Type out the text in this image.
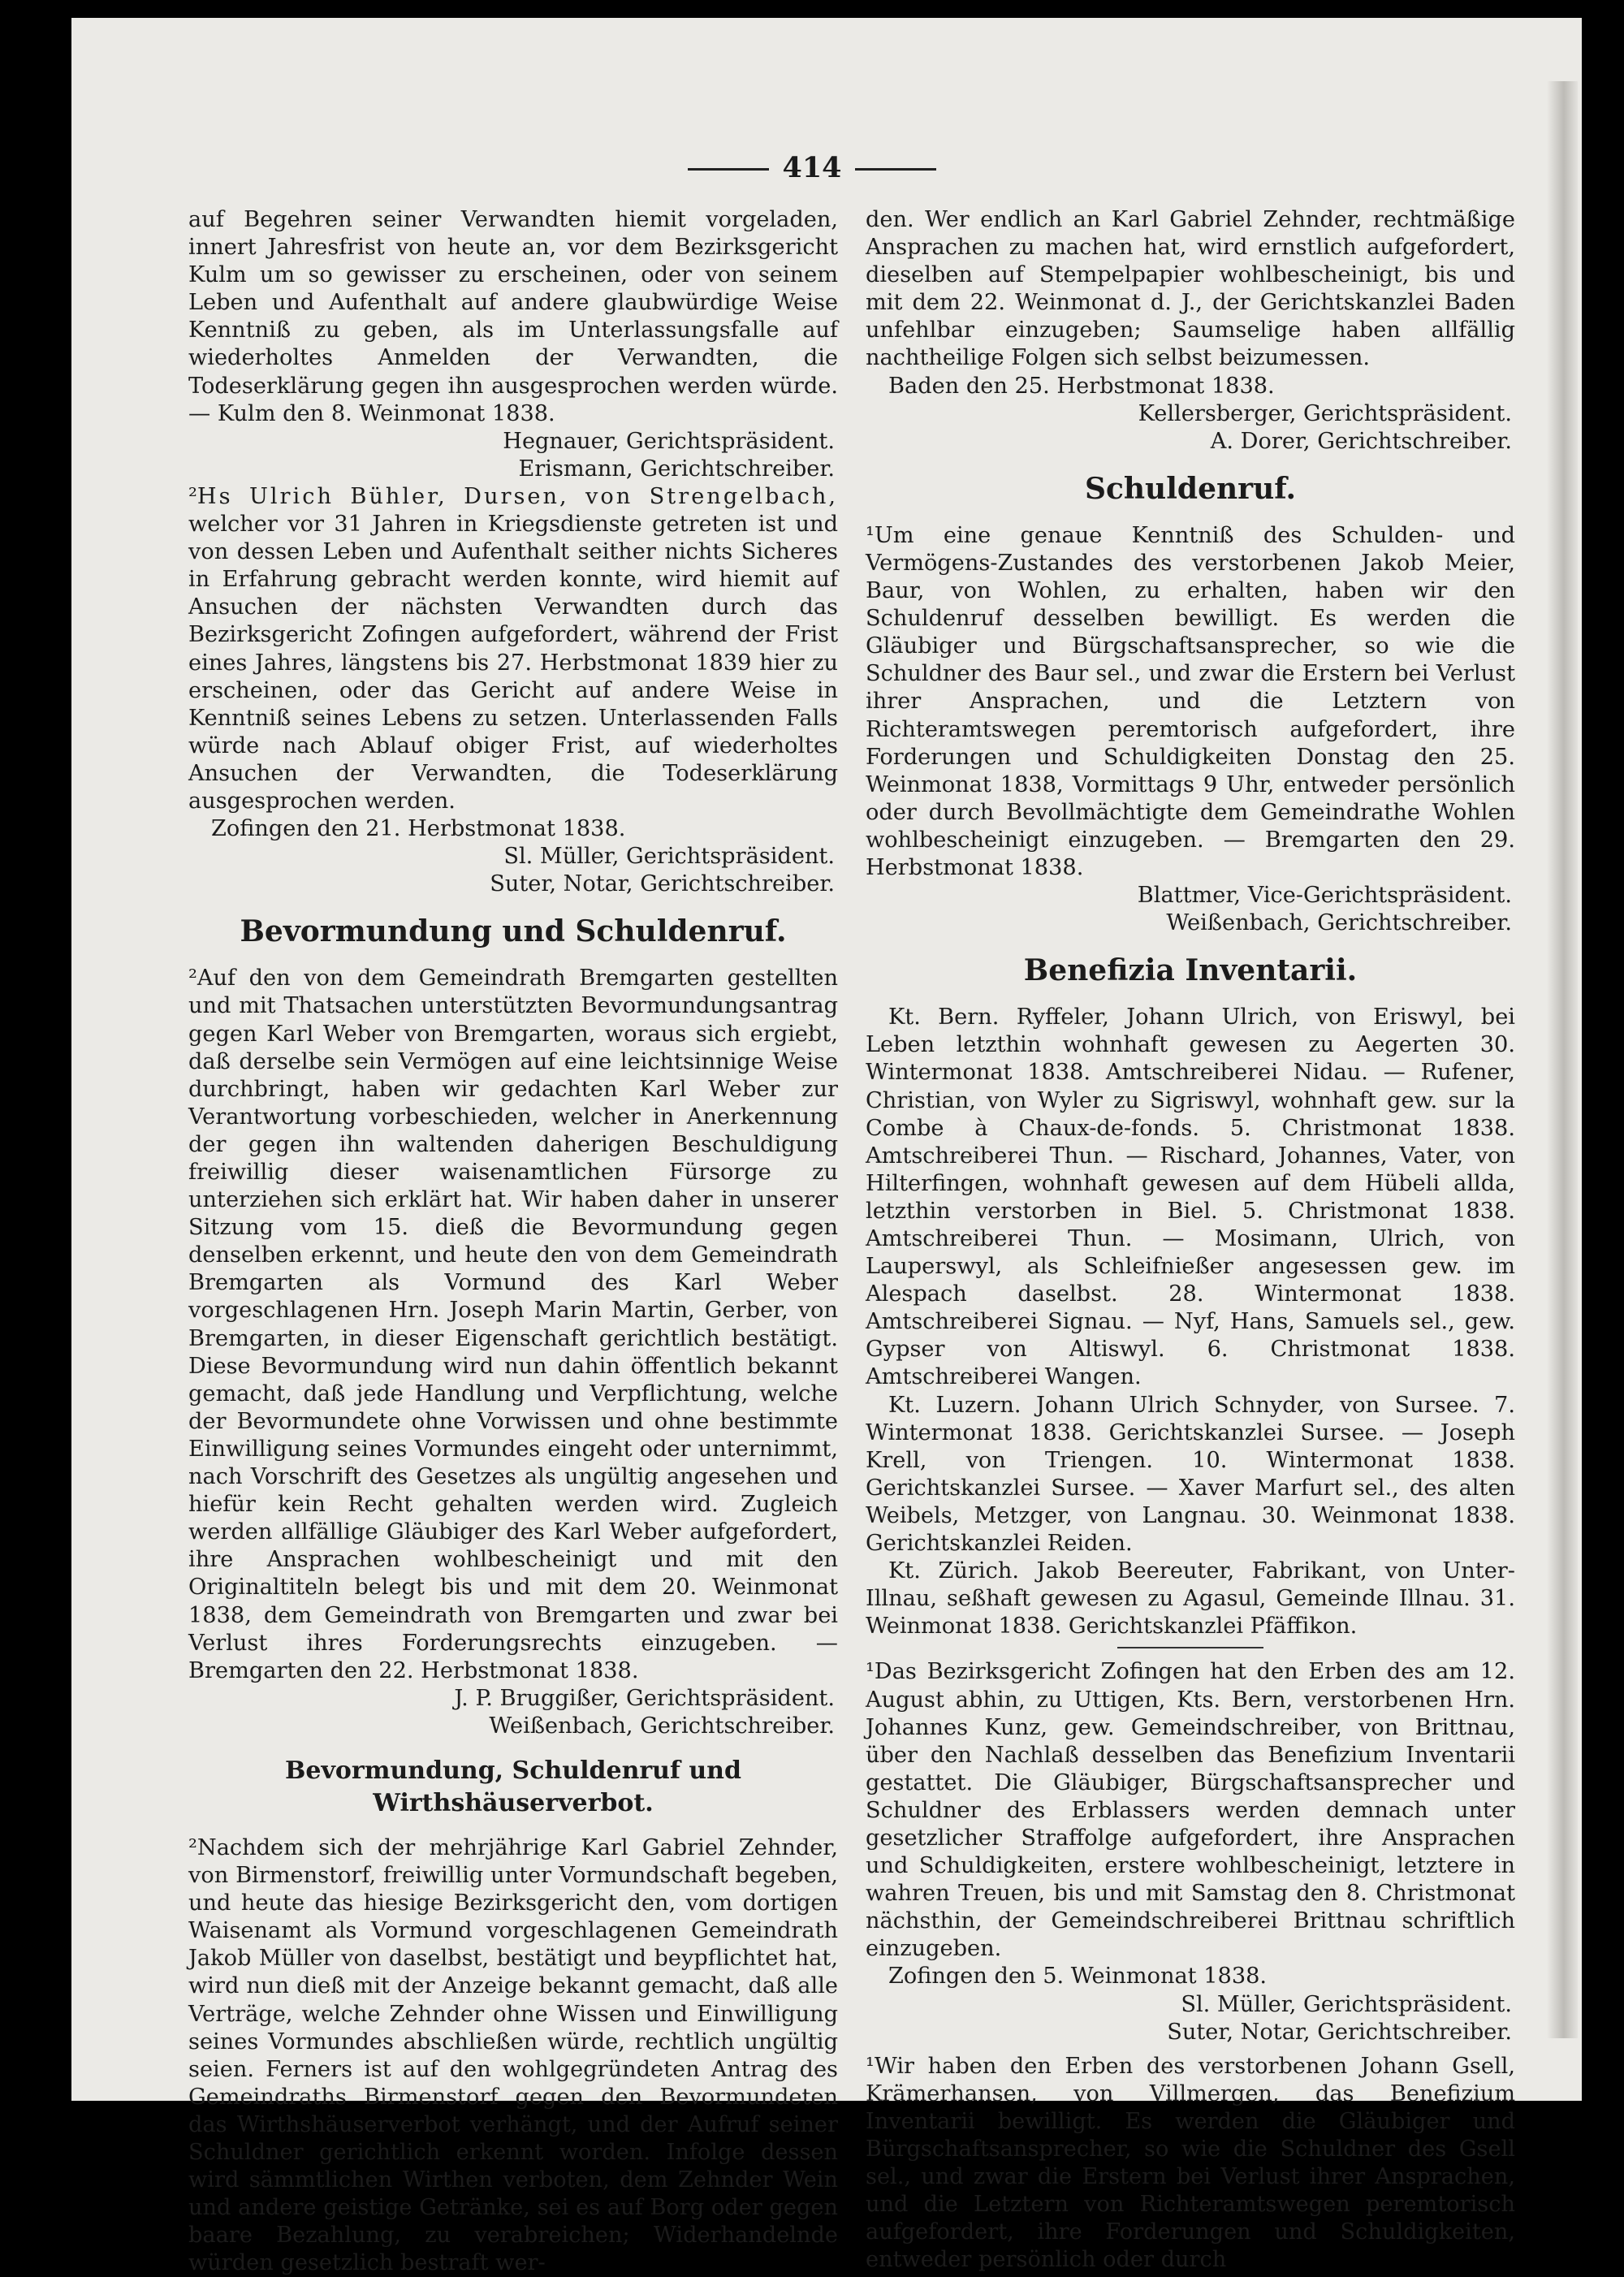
414

auf Begehren seiner Verwandten hiemit vorgeladen, innert Jahresfrist von heute an, vor dem Bezirksgericht Kulm um so gewisser zu erscheinen, oder von seinem Leben und Aufenthalt auf andere glaubwürdige Weise Kenntniß zu geben, als im Unterlassungsfalle auf wiederholtes Anmelden der Verwandten, die Todeserklärung gegen ihn ausgesprochen werden würde. — Kulm den 8. Weinmonat 1838.

Hegnauer, Gerichtspräsident.
Erismann, Gerichtschreiber.

²Hs Ulrich Bühler, Dursen, von Strengelbach, welcher vor 31 Jahren in Kriegsdienste getreten ist und von dessen Leben und Aufenthalt seither nichts Sicheres in Erfahrung gebracht werden konnte, wird hiemit auf Ansuchen der nächsten Verwandten durch das Bezirksgericht Zofingen aufgefordert, während der Frist eines Jahres, längstens bis 27. Herbstmonat 1839 hier zu erscheinen, oder das Gericht auf andere Weise in Kenntniß seines Lebens zu setzen. Unterlassenden Falls würde nach Ablauf obiger Frist, auf wiederholtes Ansuchen der Verwandten, die Todeserklärung ausgesprochen werden.

Zofingen den 21. Herbstmonat 1838.
Sl. Müller, Gerichtspräsident.
Suter, Notar, Gerichtschreiber.
Bevormundung und Schuldenruf.

²Auf den von dem Gemeindrath Bremgarten gestellten und mit Thatsachen unterstützten Bevormundungsantrag gegen Karl Weber von Bremgarten, woraus sich ergiebt, daß derselbe sein Vermögen auf eine leichtsinnige Weise durchbringt, haben wir gedachten Karl Weber zur Verantwortung vorbeschieden, welcher in Anerkennung der gegen ihn waltenden daherigen Beschuldigung freiwillig dieser waisenamtlichen Fürsorge zu unterziehen sich erklärt hat. Wir haben daher in unserer Sitzung vom 15. dieß die Bevormundung gegen denselben erkennt, und heute den von dem Gemeindrath Bremgarten als Vormund des Karl Weber vorgeschlagenen Hrn. Joseph Marin Martin, Gerber, von Bremgarten, in dieser Eigenschaft gerichtlich bestätigt. Diese Bevormundung wird nun dahin öffentlich bekannt gemacht, daß jede Handlung und Verpflichtung, welche der Bevormundete ohne Vorwissen und ohne bestimmte Einwilligung seines Vormundes eingeht oder unternimmt, nach Vorschrift des Gesetzes als ungültig angesehen und hiefür kein Recht gehalten werden wird. Zugleich werden allfällige Gläubiger des Karl Weber aufgefordert, ihre Ansprachen wohlbescheinigt und mit den Originaltiteln belegt bis und mit dem 20. Weinmonat 1838, dem Gemeindrath von Bremgarten und zwar bei Verlust ihres Forderungsrechts einzugeben. — Bremgarten den 22. Herbstmonat 1838.

J. P. Bruggißer, Gerichtspräsident.
Weißenbach, Gerichtschreiber.
Bevormundung, Schuldenruf und Wirthshäuserverbot.

²Nachdem sich der mehrjährige Karl Gabriel Zehnder, von Birmenstorf, freiwillig unter Vormundschaft begeben, und heute das hiesige Bezirksgericht den, vom dortigen Waisenamt als Vormund vorgeschlagenen Gemeindrath Jakob Müller von daselbst, bestätigt und beypflichtet hat, wird nun dieß mit der Anzeige bekannt gemacht, daß alle Verträge, welche Zehnder ohne Wissen und Einwilligung seines Vormundes abschließen würde, rechtlich ungültig seien. Ferners ist auf den wohlgegründeten Antrag des Gemeindraths Birmenstorf gegen den Bevormundeten das Wirthshäuserverbot verhängt, und der Aufruf seiner Schuldner gerichtlich erkennt worden. Infolge dessen wird sämmtlichen Wirthen verboten, dem Zehnder Wein und andere geistige Getränke, sei es auf Borg oder gegen baare Bezahlung, zu verabreichen; Widerhandelnde würden gesetzlich bestraft wer-

den. Wer endlich an Karl Gabriel Zehnder, rechtmäßige Ansprachen zu machen hat, wird ernstlich aufgefordert, dieselben auf Stempelpapier wohlbescheinigt, bis und mit dem 22. Weinmonat d. J., der Gerichtskanzlei Baden unfehlbar einzugeben; Saumselige haben allfällig nachtheilige Folgen sich selbst beizumessen.

Baden den 25. Herbstmonat 1838.
Kellersberger, Gerichtspräsident.
A. Dorer, Gerichtschreiber.
Schuldenruf.

¹Um eine genaue Kenntniß des Schulden- und Vermögens-Zustandes des verstorbenen Jakob Meier, Baur, von Wohlen, zu erhalten, haben wir den Schuldenruf desselben bewilligt. Es werden die Gläubiger und Bürgschaftsansprecher, so wie die Schuldner des Baur sel., und zwar die Erstern bei Verlust ihrer Ansprachen, und die Letztern von Richteramtswegen peremtorisch aufgefordert, ihre Forderungen und Schuldigkeiten Donstag den 25. Weinmonat 1838, Vormittags 9 Uhr, entweder persönlich oder durch Bevollmächtigte dem Gemeindrathe Wohlen wohlbescheinigt einzugeben. — Bremgarten den 29. Herbstmonat 1838.

Blattmer, Vice-Gerichtspräsident.
Weißenbach, Gerichtschreiber.
Benefizia Inventarii.

Kt. Bern. Ryffeler, Johann Ulrich, von Eriswyl, bei Leben letzthin wohnhaft gewesen zu Aegerten 30. Wintermonat 1838. Amtschreiberei Nidau. — Rufener, Christian, von Wyler zu Sigriswyl, wohnhaft gew. sur la Combe à Chaux-de-fonds. 5. Christmonat 1838. Amtschreiberei Thun. — Rischard, Johannes, Vater, von Hilterfingen, wohnhaft gewesen auf dem Hübeli allda, letzthin verstorben in Biel. 5. Christmonat 1838. Amtschreiberei Thun. — Mosimann, Ulrich, von Lauperswyl, als Schleifnießer angesessen gew. im Alespach daselbst. 28. Wintermonat 1838. Amtschreiberei Signau. — Nyf, Hans, Samuels sel., gew. Gypser von Altiswyl. 6. Christmonat 1838. Amtschreiberei Wangen.

Kt. Luzern. Johann Ulrich Schnyder, von Sursee. 7. Wintermonat 1838. Gerichtskanzlei Sursee. — Joseph Krell, von Triengen. 10. Wintermonat 1838. Gerichtskanzlei Sursee. — Xaver Marfurt sel., des alten Weibels, Metzger, von Langnau. 30. Weinmonat 1838. Gerichtskanzlei Reiden.

Kt. Zürich. Jakob Beereuter, Fabrikant, von Unter-Illnau, seßhaft gewesen zu Agasul, Gemeinde Illnau. 31. Weinmonat 1838. Gerichtskanzlei Pfäffikon.

¹Das Bezirksgericht Zofingen hat den Erben des am 12. August abhin, zu Uttigen, Kts. Bern, verstorbenen Hrn. Johannes Kunz, gew. Gemeindschreiber, von Brittnau, über den Nachlaß desselben das Benefizium Inventarii gestattet. Die Gläubiger, Bürgschaftsansprecher und Schuldner des Erblassers werden demnach unter gesetzlicher Straffolge aufgefordert, ihre Ansprachen und Schuldigkeiten, erstere wohlbescheinigt, letztere in wahren Treuen, bis und mit Samstag den 8. Christmonat nächsthin, der Gemeindschreiberei Brittnau schriftlich einzugeben.

Zofingen den 5. Weinmonat 1838.
Sl. Müller, Gerichtspräsident.
Suter, Notar, Gerichtschreiber.

¹Wir haben den Erben des verstorbenen Johann Gsell, Krämerhansen, von Villmergen, das Benefizium Inventarii bewilligt. Es werden die Gläubiger und Bürgschaftsansprecher, so wie die Schuldner des Gsell sel., und zwar die Erstern bei Verlust ihrer Ansprachen, und die Letztern von Richteramtswegen peremtorisch aufgefordert, ihre Forderungen und Schuldigkeiten, entweder persönlich oder durch
